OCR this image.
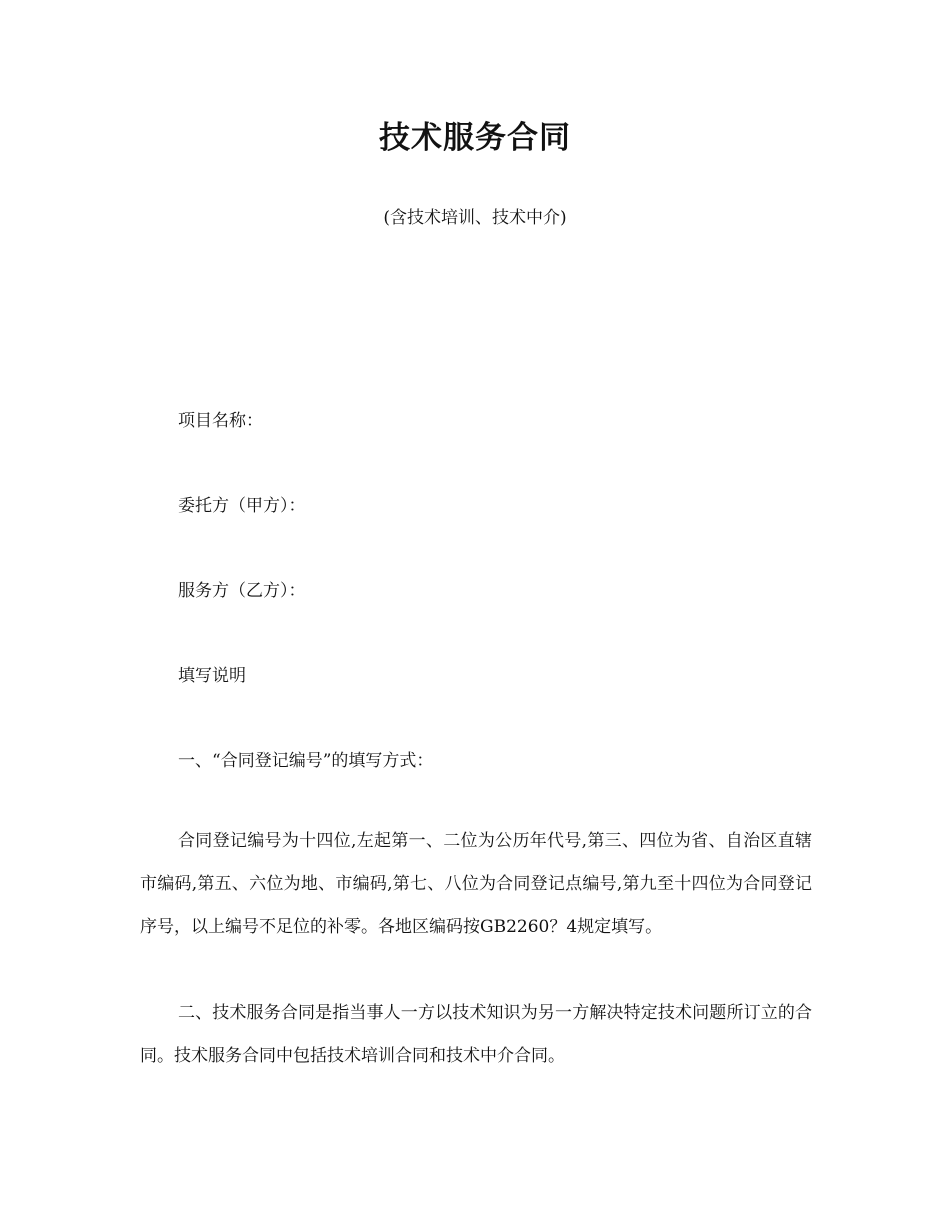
技术服务合同
(含技术培训、技术中介)
项目名称：
委托方（甲方）：
服务方（乙方）：
填写说明
一、“合同登记编号”的填写方式：
合同登记编号为十四位,左起第一、二位为公历年代号,第三、四位为省、自治区直辖市编码,第五、六位为地、市编码,第七、八位为合同登记点编号,第九至十四位为合同登记序号，以上编号不足位的补零。各地区编码按GB2260？4规定填写。
二、技术服务合同是指当事人一方以技术知识为另一方解决特定技术问题所订立的合同。技术服务合同中包括技术培训合同和技术中介合同。
